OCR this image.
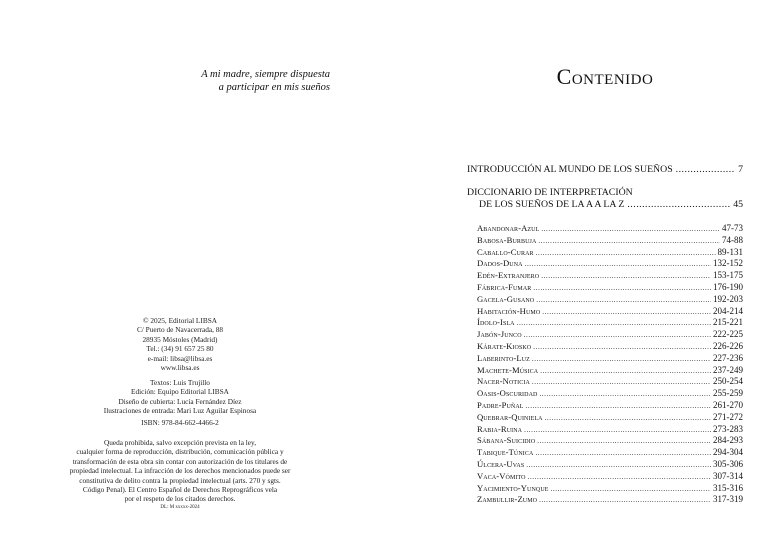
A mi madre, siempre dispuesta
a participar en mis sueños
© 2025, Editorial LIBSA
C/ Puerto de Navacerrada, 88
28935 Móstoles (Madrid)
Tel.: (34) 91 657 25 80
e-mail: libsa@libsa.es
www.libsa.es
Textos: Luis Trujillo
Edición: Equipo Editorial LIBSA
Diseño de cubierta: Lucía Fernández Díez
Ilustraciones de entrada: Mari Luz Aguilar Espinosa
ISBN: 978-84-662-4466-2
Queda prohibida, salvo excepción prevista en la ley,
cualquier forma de reproducción, distribución, comunicación pública y
transformación de esta obra sin contar con autorización de los titulares de
propiedad intelectual. La infracción de los derechos mencionados puede ser
constitutiva de delito contra la propiedad intelectual (arts. 270 y sgts.
Código Penal). El Centro Español de Derechos Reprográficos vela
por el respeto de los citados derechos.
DL: M xxxxx-2024
Contenido
INTRODUCCIÓN AL MUNDO DE LOS SUEÑOS .....	7
DICCIONARIO DE INTERPRETACIÓN
DE LOS SUEÑOS DE LA A A LA Z .....	45
Abandonar-Azul .....	47-73
Babosa-Burbuja .....	74-88
Caballo-Curar .....	89-131
Dados-Duna .....	132-152
Edén-Extranjero .....	153-175
Fábrica-Fumar .....	176-190
Gacela-Gusano .....	192-203
Habitación-Humo .....	204-214
Ídolo-Isla .....	215-221
Jabón-Junco .....	222-225
Kárate-Kiosko .....	226-226
Laberinto-Luz .....	227-236
Machete-Música .....	237-249
Nacer-Noticia .....	250-254
Oasis-Oscuridad .....	255-259
Padre-Puñal .....	261-270
Quebrar-Quiniela .....	271-272
Rabia-Ruina .....	273-283
Sábana-Suicidio .....	284-293
Tabique-Túnica .....	294-304
Úlcera-Uvas .....	305-306
Vaca-Vómito .....	307-314
Yacimiento-Yunque .....	315-316
Zambullir-Zumo .....	317-319
